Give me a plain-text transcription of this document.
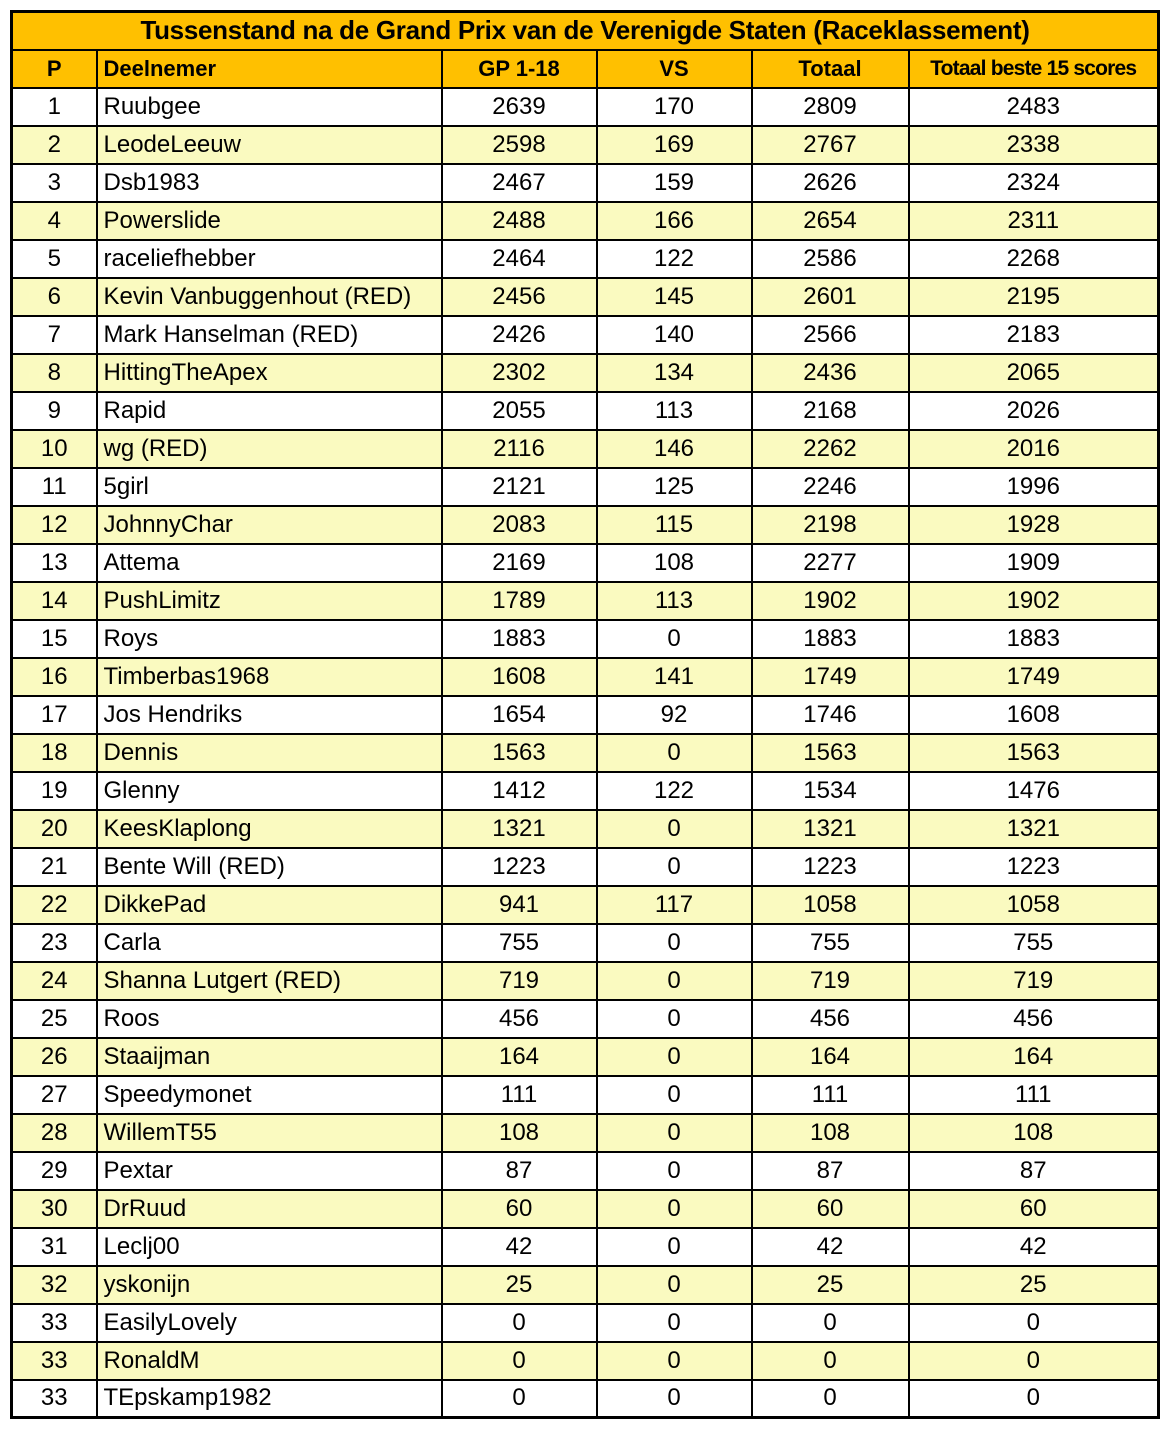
Tussenstand na de Grand Prix van de Verenigde Staten (Raceklassement)					
P	Deelnemer	GP 1-18	VS	Totaal	Totaal beste 15 scores
1	Ruubgee	2639	170	2809	2483
2	LeodeLeeuw	2598	169	2767	2338
3	Dsb1983	2467	159	2626	2324
4	Powerslide	2488	166	2654	2311
5	raceliefhebber	2464	122	2586	2268
6	Kevin Vanbuggenhout (RED)	2456	145	2601	2195
7	Mark Hanselman (RED)	2426	140	2566	2183
8	HittingTheApex	2302	134	2436	2065
9	Rapid	2055	113	2168	2026
10	wg (RED)	2116	146	2262	2016
11	5girl	2121	125	2246	1996
12	JohnnyChar	2083	115	2198	1928
13	Attema	2169	108	2277	1909
14	PushLimitz	1789	113	1902	1902
15	Roys	1883	0	1883	1883
16	Timberbas1968	1608	141	1749	1749
17	Jos Hendriks	1654	92	1746	1608
18	Dennis	1563	0	1563	1563
19	Glenny	1412	122	1534	1476
20	KeesKlaplong	1321	0	1321	1321
21	Bente Will (RED)	1223	0	1223	1223
22	DikkePad	941	117	1058	1058
23	Carla	755	0	755	755
24	Shanna Lutgert (RED)	719	0	719	719
25	Roos	456	0	456	456
26	Staaijman	164	0	164	164
27	Speedymonet	111	0	111	111
28	WillemT55	108	0	108	108
29	Pextar	87	0	87	87
30	DrRuud	60	0	60	60
31	Leclj00	42	0	42	42
32	yskonijn	25	0	25	25
33	EasilyLovely	0	0	0	0
33	RonaldM	0	0	0	0
33	TEpskamp1982	0	0	0	0
